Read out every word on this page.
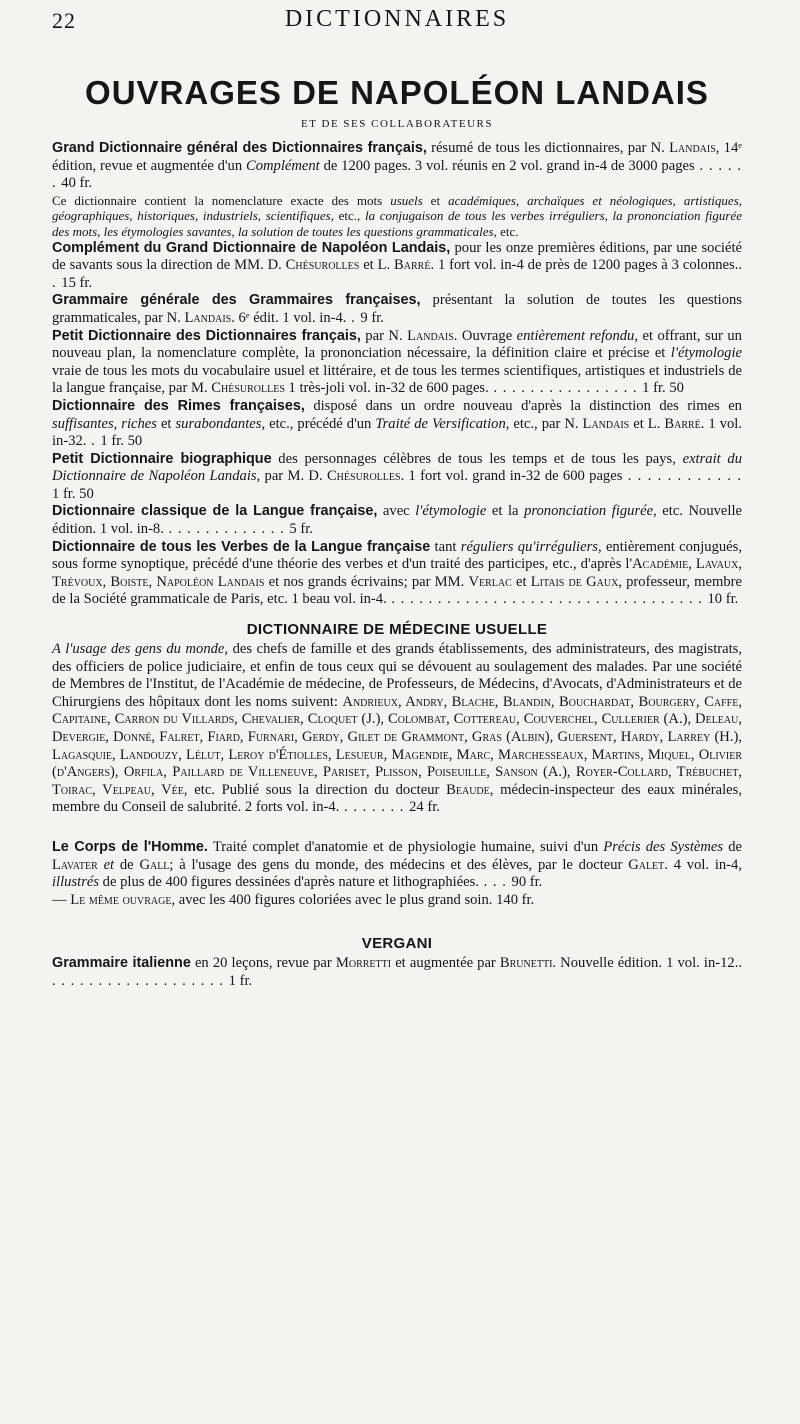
22	DICTIONNAIRES
OUVRAGES DE NAPOLÉON LANDAIS
ET DE SES COLLABORATEURS

Grand Dictionnaire général des Dictionnaires français, résumé de tous les dictionnaires, par N. Landais, 14ᵉ édition, revue et augmentée d'un Complément de 1200 pages. 3 vol. réunis en 2 vol. grand in-4 de 3000 pages . . . . . . 40 fr.

Ce dictionnaire contient la nomenclature exacte des mots usuels et académiques, archaïques et néologiques, artistiques, géographiques, historiques, industriels, scientifiques, etc., la conjugaison de tous les verbes irréguliers, la prononciation figurée des mots, les étymologies savantes, la solution de toutes les questions grammaticales, etc.

Complément du Grand Dictionnaire de Napoléon Landais, pour les onze premières éditions, par une société de savants sous la direction de MM. D. Chésurolles et L. Barré. 1 fort vol. in-4 de près de 1200 pages à 3 colonnes.. . 15 fr.

Grammaire générale des Grammaires françaises, présentant la solution de toutes les questions grammaticales, par N. Landais. 6ᵉ édit. 1 vol. in-4. . 9 fr.

Petit Dictionnaire des Dictionnaires français, par N. Landais. Ouvrage entièrement refondu, et offrant, sur un nouveau plan, la nomenclature complète, la prononciation nécessaire, la définition claire et précise et l'étymologie vraie de tous les mots du vocabulaire usuel et littéraire, et de tous les termes scientifiques, artistiques et industriels de la langue française, par M. Chésurolles 1 très-joli vol. in-32 de 600 pages. . . . . . . . . . . . . . . . . 1 fr. 50

Dictionnaire des Rimes françaises, disposé dans un ordre nouveau d'après la distinction des rimes en suffisantes, riches et surabondantes, etc., précédé d'un Traité de Versification, etc., par N. Landais et L. Barré. 1 vol. in-32. . 1 fr. 50

Petit Dictionnaire biographique des personnages célèbres de tous les temps et de tous les pays, extrait du Dictionnaire de Napoléon Landais, par M. D. Chésurolles. 1 fort vol. grand in-32 de 600 pages . . . . . . . . . . . . 1 fr. 50

Dictionnaire classique de la Langue française, avec l'étymologie et la prononciation figurée, etc. Nouvelle édition. 1 vol. in-8. . . . . . . . . . . . . . 5 fr.

Dictionnaire de tous les Verbes de la Langue française tant réguliers qu'irréguliers, entièrement conjugués, sous forme synoptique, précédé d'une théorie des verbes et d'un traité des participes, etc., d'après l'Académie, Lavaux, Trévoux, Boiste, Napoléon Landais et nos grands écrivains; par MM. Verlac et Litais de Gaux, professeur, membre de la Société grammaticale de Paris, etc. 1 beau vol. in-4. . . . . . . . . . . . . . . . . . . . . . . . . . . . . . . . . . . 10 fr.

DICTIONNAIRE DE MÉDECINE USUELLE

A l'usage des gens du monde, des chefs de famille et des grands établissements, des administrateurs, des magistrats, des officiers de police judiciaire, et enfin de tous ceux qui se dévouent au soulagement des malades. Par une société de Membres de l'Institut, de l'Académie de médecine, de Professeurs, de Médecins, d'Avocats, d'Administrateurs et de Chirurgiens des hôpitaux dont les noms suivent: Andrieux, Andry, Blache, Blandin, Bouchardat, Bourgery, Caffe, Capitaine, Carron du Villards, Chevalier, Cloquet (J.), Colombat, Cottereau, Couverchel, Cullerier (A.), Deleau, Devergie, Donné, Falret, Fiard, Furnari, Gerdy, Gilet de Grammont, Gras (Albin), Guersent, Hardy, Larrey (H.), Lagasquie, Landouzy, Lélut, Leroy d'Étiolles, Lesueur, Magendie, Marc, Marchesseaux, Martins, Miquel, Olivier (d'Angers), Orfila, Paillard de Villeneuve, Pariset, Plisson, Poiseuille, Sanson (A.), Royer-Collard, Trébuchet, Toirac, Velpeau, Vée, etc. Publié sous la direction du docteur Beaude, médecin-inspecteur des eaux minérales, membre du Conseil de salubrité. 2 forts vol. in-4. . . . . . . . 24 fr.

Le Corps de l'Homme. Traité complet d'anatomie et de physiologie humaine, suivi d'un Précis des Systèmes de Lavater et de Gall; à l'usage des gens du monde, des médecins et des élèves, par le docteur Galet. 4 vol. in-4, illustrés de plus de 400 figures dessinées d'après nature et lithographiées. . . . 90 fr.
— Le même ouvrage, avec les 400 figures coloriées avec le plus grand soin. 140 fr.

VERGANI

Grammaire italienne en 20 leçons, revue par Morretti et augmentée par Brunetti. Nouvelle édition. 1 vol. in-12.. . . . . . . . . . . . . . . . . . . . 1 fr.
